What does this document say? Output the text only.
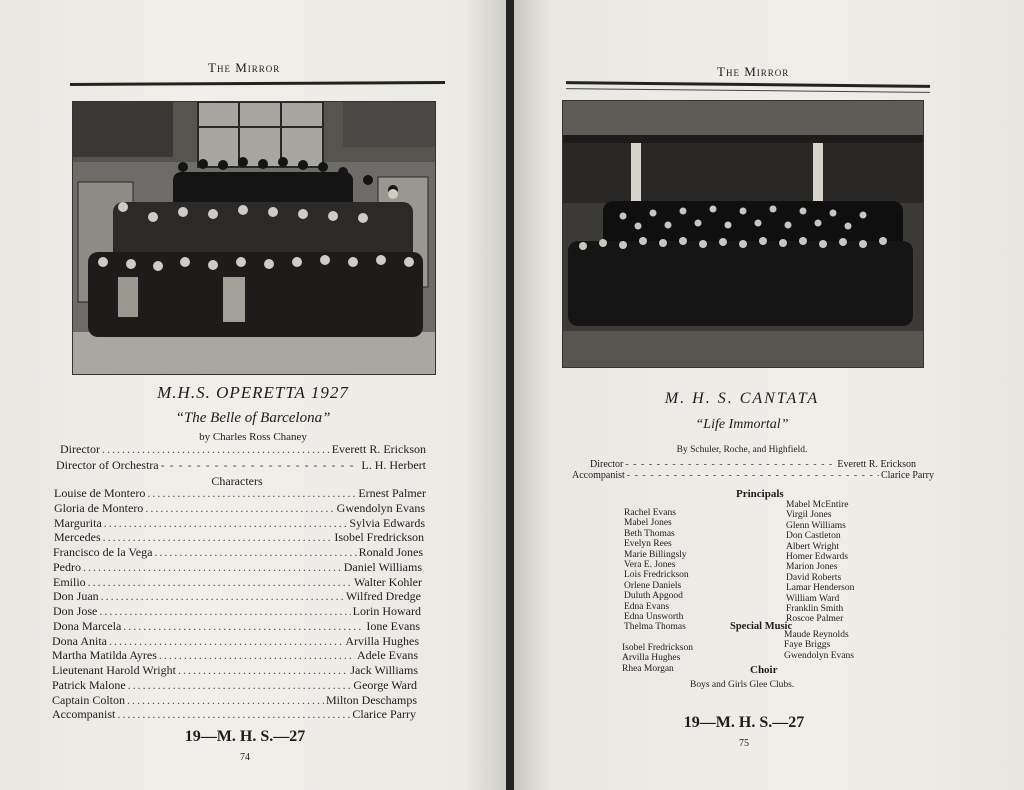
The Mirror
M.H.S. OPERETTA 1927
“The Belle of Barcelona”
by Charles Ross Chaney
Director .....	Everett R. Erickson
Director of Orchestra - - -	L. H. Herbert
Characters
Louise de Montero .....	Ernest Palmer
Gloria de Montero .....	Gwendolyn Evans
Margurita .....	Sylvia Edwards
Mercedes .....	Isobel Fredrickson
Francisco de la Vega .....	Ronald Jones
Pedro .....	Daniel Williams
Emilio .....	Walter Kohler
Don Juan .....	Wilfred Dredge
Don Jose .....	Lorin Howard
Dona Marcela .....	Ione Evans
Dona Anita .....	Arvilla Hughes
Martha Matilda Ayres .....	Adele Evans
Lieutenant Harold Wright .....	Jack Williams
Patrick Malone .....	George Ward
Captain Colton .....	Milton Deschamps
Accompanist .....	Clarice Parry
19—M. H. S.—27
74
The Mirror
M. H. S. CANTATA
“Life Immortal”
By Schuler, Roche, and Highfield.
Director - - -	Everett R. Erickson
Accompanist - - -	Clarice Parry
Principals
Rachel Evans
Mabel Jones
Beth Thomas
Evelyn Rees
Marie Billingsly
Vera E. Jones
Lois Fredrickson
Orlene Daniels
Duluth Apgood
Edna Evans
Edna Unsworth
Thelma Thomas
Mabel McEntire
Virgil Jones
Glenn Williams
Don Castleton
Albert Wright
Homer Edwards
Marion Jones
David Roberts
Lamar Henderson
William Ward
Franklin Smith
Roscoe Palmer
Special Music
Isobel Fredrickson
Arvilla Hughes
Rhea Morgan
Maude Reynolds
Faye Briggs
Gwendolyn Evans
Choir
Boys and Girls Glee Clubs.
19—M. H. S.—27
75
